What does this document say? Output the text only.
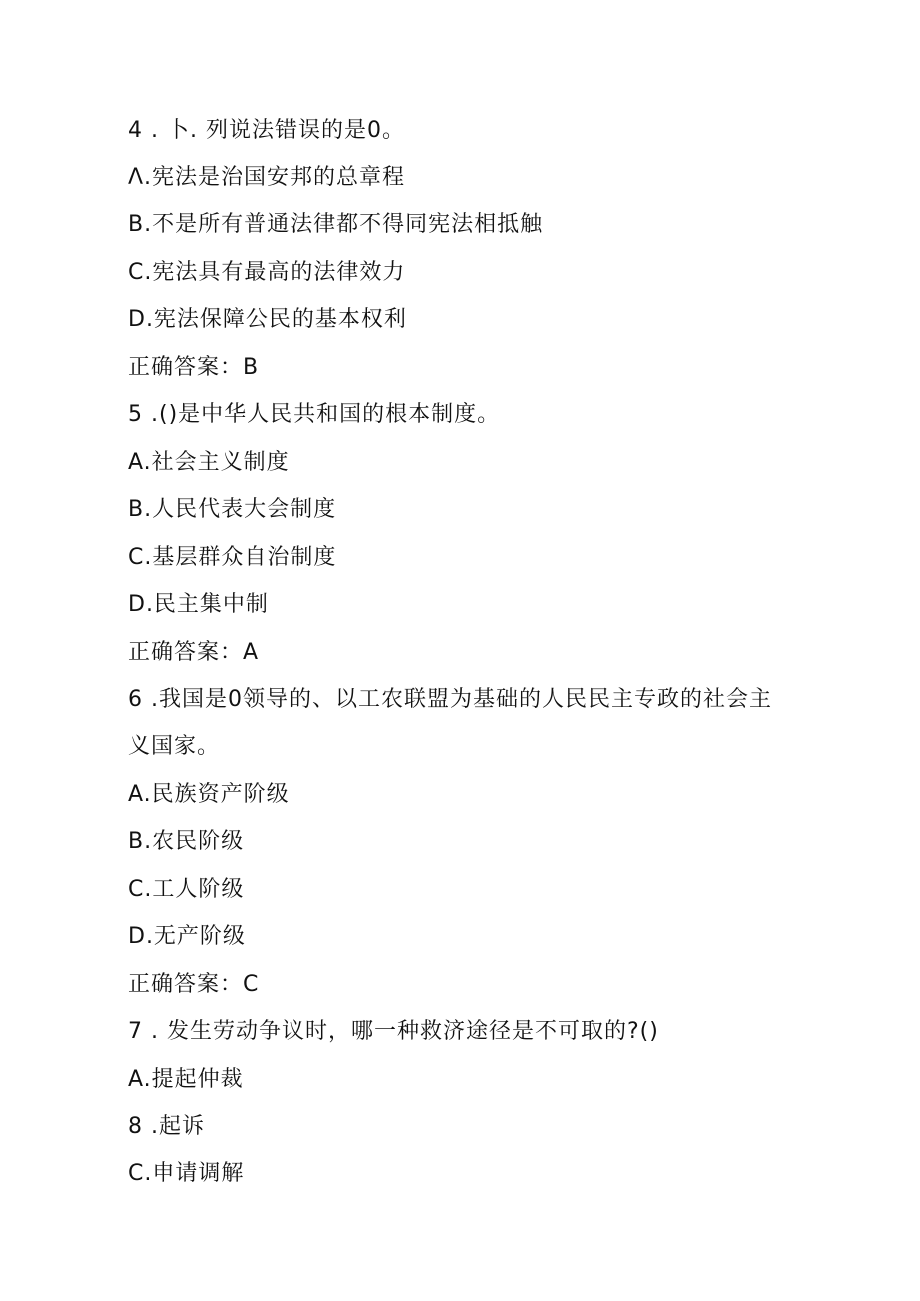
4 . 卜. 列说法错误的是0。
Λ.宪法是治国安邦的总章程
B.不是所有普通法律都不得同宪法相抵触
C.宪法具有最高的法律效力
D.宪法保障公民的基本权利
正确答案：B
5 .()是中华人民共和国的根本制度。
A.社会主义制度
B.人民代表大会制度
C.基层群众自治制度
D.民主集中制
正确答案：A
6 .我国是0领导的、以工农联盟为基础的人民民主专政的社会主
义国家。
A.民族资产阶级
B.农民阶级
C.工人阶级
D.无产阶级
正确答案：C
7 . 发生劳动争议时，哪一种救济途径是不可取的?()
A.提起仲裁
8 .起诉
C.申请调解
